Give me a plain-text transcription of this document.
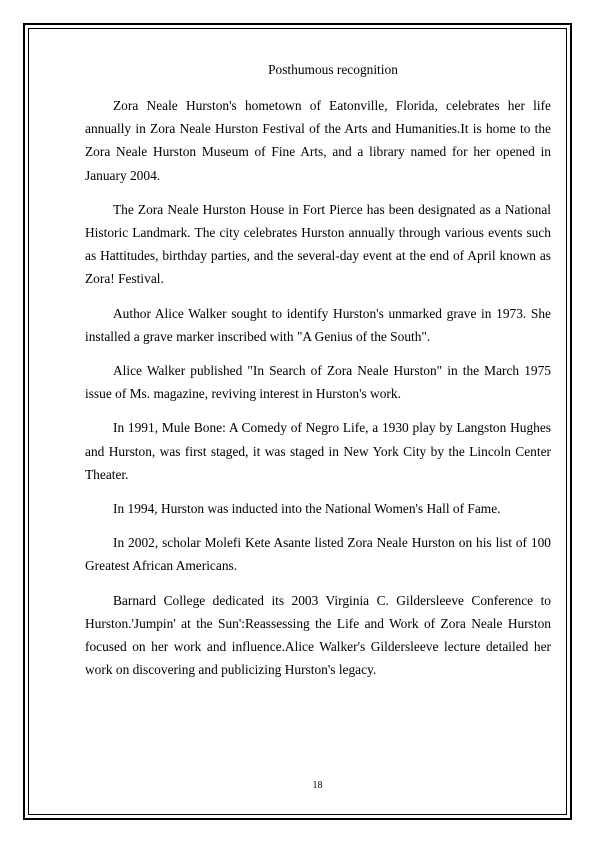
Posthumous recognition

Zora Neale Hurston's hometown of Eatonville, Florida, celebrates her life annually in Zora Neale Hurston Festival of the Arts and Humanities.It is home to the Zora Neale Hurston Museum of Fine Arts, and a library named for her opened in January 2004.

The Zora Neale Hurston House in Fort Pierce has been designated as a National Historic Landmark. The city celebrates Hurston annually through various events such as Hattitudes, birthday parties, and the several-day event at the end of April known as Zora! Festival.

Author Alice Walker sought to identify Hurston's unmarked grave in 1973. She installed a grave marker inscribed with "A Genius of the South".

Alice Walker published "In Search of Zora Neale Hurston" in the March 1975 issue of Ms. magazine, reviving interest in Hurston's work.

In 1991, Mule Bone: A Comedy of Negro Life, a 1930 play by Langston Hughes and Hurston, was first staged, it was staged in New York City by the Lincoln Center Theater.

In 1994, Hurston was inducted into the National Women's Hall of Fame.

In 2002, scholar Molefi Kete Asante listed Zora Neale Hurston on his list of 100 Greatest African Americans.

Barnard College dedicated its 2003 Virginia C. Gildersleeve Conference to Hurston.'Jumpin' at the Sun':Reassessing the Life and Work of Zora Neale Hurston focused on her work and influence.Alice Walker's Gildersleeve lecture detailed her work on discovering and publicizing Hurston's legacy.

18
